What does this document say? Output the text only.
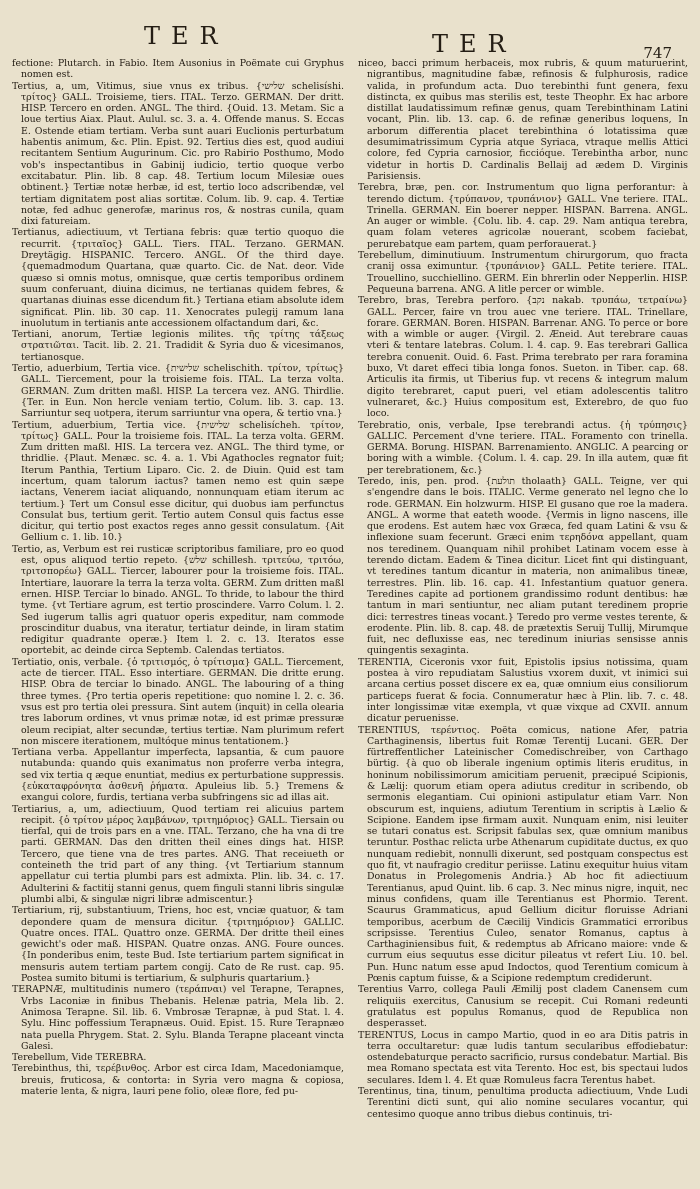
TER	TER	747

fectione: Plutarch. in Fabio. Item Ausonius in Poëmate cui Gryphus nomen est.

Tertius, a, um, Vitimus, siue vnus ex tribus. {שלישי schelisíshi. τρίτος} GALL. Troisieme, tiers. ITAL. Terzo. GERMAN. Der dritt. HISP. Tercero en orden. ANGL. The third. {Ouid. 13. Metam. Sic a loue tertius Aiax. Plaut. Aulul. sc. 3. a. 4. Offende manus. S. Eccas E. Ostende etiam tertiam. Verba sunt auari Euclionis perturbatum habentis animum, &c. Plin. Epist. 92. Tertius dies est, quod audiui recitantem Sentium Augurinum. Cic. pro Rabirio Posthumo, Modo vob's inspectantibus in Gabinij iudicio, tertio quoque verbo excitabatur. Plin. lib. 8 cap. 48. Tertium locum Milesiæ oues obtinent.} Tertiæ notæ herbæ, id est, tertio loco adscribendæ, vel tertiam dignitatem post alias sortitæ. Colum. lib. 9. cap. 4. Tertiæ notæ, fed adhuc generofæ, marinus ros, & nostras cunila, quam dixi fatureiam.

Tertianus, adiectiuum, vt Tertiana febris: quæ tertio quoquo die recurrit. {τριταῖος} GALL. Tiers. ITAL. Terzano. GERMAN. Dreytägig. HISPANIC. Tercero. ANGL. Of the third daye. {quemadmodum Quartana, quæ quarto. Cic. de Nat. deor. Vide quæso si omnis motus, omnisque, quæ certis temporibus ordinem suum conferuant, diuina dicimus, ne tertianas quidem febres, & quartanas diuinas esse dicendum fit.} Tertiana etiam absolute idem significat. Plin. lib. 30 cap. 11. Xenocrates pulegij ramum lana inuolutum in tertianis ante accessionem olfactandum dari, &c.

Tertiani, anorum, Tertiæ legionis milites. τῆς τρίτης τάξεως στρατιῶται. Tacit. lib. 2. 21. Tradidit & Syria duo & vicesimanos, tertianosque.

Tertio, aduerbium, Tertia vice. {שלישית schelischith. τρίτον, τρίτως} GALL. Tiercement, pour la troisieme fois. ITAL. La terza volta. GERMAN. Zum dritten maßl. HISP. La tercera vez. ANG. Thirdlie. {Ter. in Eun. Non hercle veniam tertio, Colum. lib. 3. cap. 13. Sarriuntur seq uotpera, iterum sarriuntur vna opera, & tertio vna.}

Tertium, aduerbium, Tertia vice. {שלישית schelisícheh. τρίτον, τρίτως} GALL. Pour la troisieme fois. ITAL. La terza volta. GERM. Zum dritten maßl. HIS. La tercera vez. ANGL. The third tyme, or thridlie. {Plaut. Menæc. sc. 4. a. 1. Vbi Agathocles regnator fuit; Iterum Panthia, Tertium Liparo. Cic. 2. de Diuin. Quid est tam incertum, quam talorum iactus? tamen nemo est quin sæpe iactans, Venerem iaciat aliquando, nonnunquam etiam iterum ac tertium.} Tert um Consul esse dicitur, qui duobus iam perfunctus Consulat bus, tertium gerit. Tertio autem Consul quis factus esse dicitur, qui tertio post exactos reges anno gessit consulatum. {Ait Gellium c. 1. lib. 10.}

Tertio, as, Verbum est rei rusticæ scriptoribus familiare, pro eo quod est, opus aliquod tertio repeto. {שלש schillesh. τριτεύω, τριτόω, τριτσπορέω} GALL. Tiercer, labourer pour la troisieme fois. ITAL. Intertiare, lauorare la terra la terza volta. GERM. Zum dritten maßl ernen. HISP. Terciar lo binado. ANGL. To thride, to labour the third tyme. {vt Tertiare agrum, est tertio proscindere. Varro Colum. l. 2. Sed iugerum tallis agri quatuor operis expeditur, nam commode proscinditur duabus, vna iteratur, tertiatur deinde, in liram statim redigitur quadrante operæ.} Item l. 2. c. 13. Iteratos esse oportebit, ac deinde circa Septemb. Calendas tertiatos.

Tertiatio, onis, verbale. {ὁ τριτισμός, ὁ τρίτισμα} GALL. Tiercement, acte de tiercer. ITAL. Esso intertiare. GERMAN. Die dritte erung. HISP. Obra de terciar lo binado. ANGL. The labouring of a thing three tymes. {Pro tertia operis repetitione: quo nomine l. 2. c. 36. vsus est pro tertia olei pressura. Sint autem (inquit) in cella olearia tres laborum ordines, vt vnus primæ notæ, id est primæ pressuræ oleum recipiat, alter secundæ, tertius tertiæ. Nam plurimum refert non miscere iterationem, multóque minus tentationem.}

Tertiana verba. Appellantur imperfecta, lapsantia, & cum pauore nutabunda: quando quis exanimatus non proferre verba integra, sed vix tertia q æque enuntiat, medius ex perturbatione suppressis. {εὐκαταφρόνητα ἀσθενῆ ῥήματα. Apuleius lib. 5.} Tremens & exangui colore, furdis, tertiana verba subfringens sic ad illas ait.

Tertiarius, a, um, adiectiuum, Quod tertiam rei alicuius partem recipit. {ὁ τρίτον μέρος λαμβάνων, τριτημόριος} GALL. Tiersain ou tierfal, qui de trois pars en a vne. ITAL. Terzano, che ha vna di tre parti. GERMAN. Das den dritten theil eines dings hat. HISP. Tercero, que tiene vna de tres partes. ANG. That receiueth or conteineth the trid part of any thing. {vt Tertiarium stannum appellatur cui tertia plumbi pars est admixta. Plin. lib. 34. c. 17. Adulterini & factitij stanni genus, quem finguli stanni libris singulæ plumbi albi, & singulæ nigri libræ admiscentur.}

Tertiarium, rij, substantiuum, Triens, hoc est, vnciæ quatuor, & tam depondere quam de mensura dicitur. {τριτημόριον} GALLIC. Quatre onces. ITAL. Quattro onze. GERMA. Der dritte theil eines gewicht's oder maß. HISPAN. Quatre onzas. ANG. Foure ounces. {In ponderibus enim, teste Bud. Iste tertiarium partem significat in mensuris autem tertiam partem congij. Cato de Re rust. cap. 95. Postea sumito bitumi is tertiarium, & sulphuris quartarium.}

TERAPNÆ, multitudinis numero (τεράπναι) vel Terapne, Terapnes, Vrbs Laconiæ in finibus Thebanis. Helenæ patria, Mela lib. 2. Animosa Terapne. Sil. lib. 6. Vmbrosæ Terapnæ, à pud Stat. l. 4. Sylu. Hinc poffessium Terapnæus. Ouid. Epist. 15. Rure Terapnæo nata puella Phrygem. Stat. 2. Sylu. Blanda Terapne placeant vincta Galesi.

Terebellum, Vide TEREBRA.

Terebinthus, thi, τερέβινθος. Arbor est circa Idam, Macedoniamque, breuis, fruticosa, & contorta: in Syria vero magna & copiosa, materie lenta, & nigra, lauri pene folio, oleæ flore, fed pu-

niceo, bacci primum herbaceis, mox rubris, & quum maturuerint, nigrantibus, magnitudine fabæ, refinosis & fulphurosis, radice valida, in profundum acta. Duo terebinthi funt genera, fexu distincta, ex quibus mas sterilis est, teste Theophr. Ex hac arbore distillat laudatissimum refinæ genus, quam Terebinthinam Latini vocant, Plin. lib. 13. cap. 6. de refinæ generibus loquens, In arborum differentia placet terebinthina ó lotatissima quæ desumimatrissimum Cypria atque Syriaca, vtraque mellis Attici colore, fed Cypria carnosior, ficcióque. Terebintha arbor, nunc videtur in hortis D. Cardinalis Bellaij ad ædem D. Virginis Parisiensis.

Terebra, bræ, pen. cor. Instrumentum quo ligna perforantur: à terendo dictum. {τρύπανον, τρυπάνιον} GALL. Vne teriere. ITAL. Trinella. GERMAN. Ein boerer nepper. HISPAN. Barrena. ANGL. An auger or wimble. {Colu. lib. 4. cap. 29. Nam antiqua terebra, quam folam veteres agricolæ nouerant, scobem faciebat, perurebatque eam partem, quam perforauerat.}

Terebellum, diminutiuum. Instrumentum chirurgorum, quo fracta cranij ossa eximuntur. {τρυπάνιον} GALL. Petite teriere. ITAL. Trouellino, succhiellino. GERM. Ein bhrerlin oder Nepperlin. HISP. Pequeuna barrena. ANG. A litle percer or wimble.

Terebro, bras, Terebra perforo. {נקב nakab. τρυπάω, τετραίνω} GALL. Percer, faire vn trou auec vne teriere. ITAL. Trinellare, forare. GERMAN. Boren. HISPAN. Barrenar. ANG. To perce or bore with a wimble or auger. {Virgil. 2. Æneid. Aut terebrare cauas vteri & tentare latebras. Colum. l. 4. cap. 9. Eas terebrari Gallica terebra conuenit. Ouid. 6. Fast. Prima terebrato per rara foramina buxo, Vt daret effeci tibia longa fonos. Sueton. in Tiber. cap. 68. Articulis ita firmis, ut Tiberius fup. vt recens & integrum malum digito terebraret, caput pueri, vel etiam adolescentis talitro vulneraret, &c.} Huius compositum est, Exterebro, de quo fuo loco.

Terebratio, onis, verbale, Ipse terebrandi actus. {ἡ τρύπησις} GALLIC. Percement d'vne teriere. ITAL. Foramento con trinella. GERMA. Borung. HISPAN. Barrenamiento. ANGLIC. A pearcing or boring with a wimble. {Colum. l. 4. cap. 29. In illa autem, quæ fit per terebrationem, &c.}

Teredo, inis, pen. prod. {תולעת tholaath} GALL. Teigne, ver qui s'engendre dans le bois. ITALIC. Verme generato nel legno che lo rode. GERMAN. Ein holzwurm. HISP. El gusano que roe la madera. ANGL. A worme that eateth woode. {Vermis in ligno nascens, ille que erodens. Est autem hæc vox Græca, fed quam Latini & vsu & inflexione suam fecerunt. Græci enim τερηδόνα appellant, quam nos teredinem. Quanquam nihil prohibet Latinam vocem esse à terendo dictam. Eadem & Tinea dicitur. Licet fint qui distinguant, vt teredines tantum dicantur in materia, non animalibus tineæ, terrestres. Plin. lib. 16. cap. 41. Infestantium quatuor genera. Teredines capite ad portionem grandissimo rodunt dentibus: hæ tantum in mari sentiuntur, nec aliam putant teredinem proprie dici: terrestres tineas vocant.} Teredo pro verme vestes terente, & erodente. Plin. lib. 8. cap. 48. de prætextis Seruij Tullij, Mirumque fuit, nec defluxisse eas, nec teredinum iniurias sensisse annis quingentis sexaginta.

TERENTIA, Ciceronis vxor fuit, Epistolis ipsius notissima, quam postea à viro repudiatam Salustius vxorem duxit, vt inimici sui arcana certius posset discere ex ea, quæ omnium eius consiliorum particeps fuerat & focia. Connumeratur hæc à Plin. lib. 7. c. 48. inter longissimæ vitæ exempla, vt quæ vixque ad CXVII. annum dicatur peruenisse.

TERENTIUS, τερέντιος. Poëta comicus, natione Afer, patria Carthaginensis, libertus fuit Romæ Terentij Lucani. GER. Der fürtreffentlicher Lateinischer Comedischreiber, von Carthago bürtig. {à quo ob liberale ingenium optimis literis eruditus, in honinum nobilissimorum amicitiam peruenit, præcipué Scipionis, & Lælij: quorum etiam opera adiutus creditur in scribendo, ob sermonis elegantiam. Cui opinioni astipulatur etiam Varr. Non obscurum est, inquiens, adiutum Terentium in scriptis à Lælio & Scipione. Eandem ipse firmam auxit. Nunquam enim, nisi leuiter se tutari conatus est. Scripsit fabulas sex, quæ omnium manibus teruntur. Posthac relicta urbe Athenarum cupiditate ductus, ex quo nunquam rediebit, nonnulli dixerunt, sed postquam conspectus est quo fit, vt naufragio creditur periisse. Latinu exequitur huius vitam Donatus in Prolegomenis Andria.} Ab hoc fit adiectiuum Terentianus, apud Quint. lib. 6 cap. 3. Nec minus nigre, inquit, nec minus confidens, quam ille Terentianus est Phormio. Terent. Scaurus Grammaticus, apud Gellium dicitur floruisse Adriani temporibus, acerbum de Cæcilij Vindicis Grammatici erroribus scripsisse. Terentius Culeo, senator Romanus, captus à Carthaginiensibus fuit, & redemptus ab Africano maiore: vnde & currum eius sequutus esse dicitur pileatus vt refert Liu. 10. bel. Pun. Hunc natum esse apud Indoctos, quod Terentium comicum à Pœnis captum fuisse, & a Scipione redemptum crediderunt.

Terentius Varro, collega Pauli Æmilij post cladem Canensem cum reliquiis exercitus, Canusium se recepit. Cui Romani redeunti gratulatus est populus Romanus, quod de Republica non desperasset.

TERENTUS, Locus in campo Martio, quod in eo ara Ditis patris in terra occultaretur: quæ ludis tantum secularibus effodiebatur: ostendebaturque peracto sacrificio, rursus condebatur. Martial. Bis mea Romano spectata est vita Terento. Hoc est, bis spectaui ludos seculares. Idem l. 4. Et quæ Romuleus facra Terentus habet.

Terentinus, tina, tinum, penultima producta adiectiuum, Vnde Ludi Terentini dicti sunt, qui alio nomine seculares vocantur, qui centesimo quoque anno tribus diebus continuis, tri-
